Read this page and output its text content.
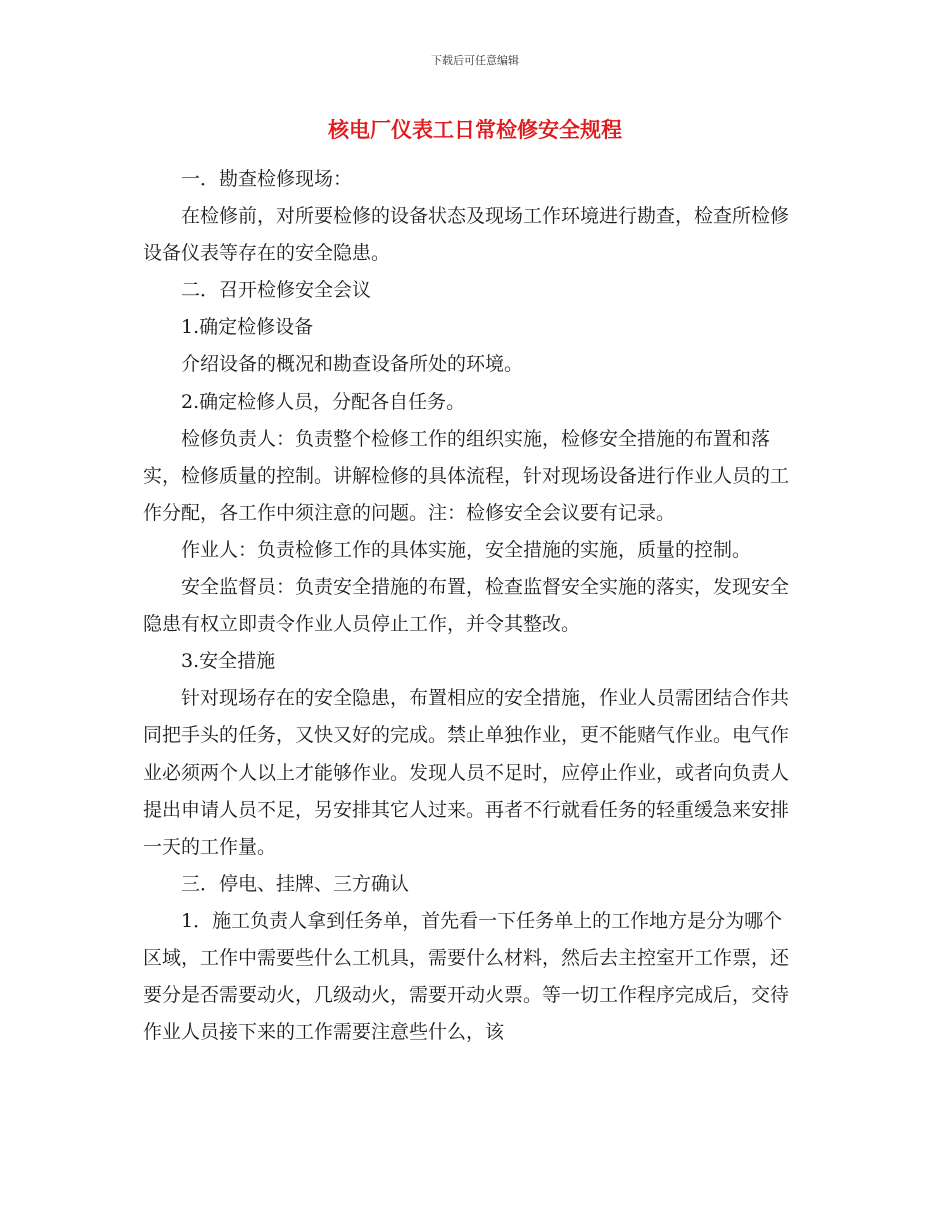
下载后可任意编辑
核电厂仪表工日常检修安全规程

一．勘查检修现场：

在检修前，对所要检修的设备状态及现场工作环境进行勘查，检查所检修设备仪表等存在的安全隐患。

二．召开检修安全会议

1.确定检修设备

介绍设备的概况和勘查设备所处的环境。

2.确定检修人员，分配各自任务。

检修负责人：负责整个检修工作的组织实施，检修安全措施的布置和落实，检修质量的控制。讲解检修的具体流程，针对现场设备进行作业人员的工作分配，各工作中须注意的问题。注：检修安全会议要有记录。

作业人：负责检修工作的具体实施，安全措施的实施，质量的控制。

安全监督员：负责安全措施的布置，检查监督安全实施的落实，发现安全隐患有权立即责令作业人员停止工作，并令其整改。

3.安全措施

针对现场存在的安全隐患，布置相应的安全措施，作业人员需团结合作共同把手头的任务，又快又好的完成。禁止单独作业，更不能赌气作业。电气作业必须两个人以上才能够作业。发现人员不足时，应停止作业，或者向负责人提出申请人员不足，另安排其它人过来。再者不行就看任务的轻重缓急来安排一天的工作量。

三．停电、挂牌、三方确认

1．施工负责人拿到任务单，首先看一下任务单上的工作地方是分为哪个区域，工作中需要些什么工机具，需要什么材料，然后去主控室开工作票，还要分是否需要动火，几级动火，需要开动火票。等一切工作程序完成后，交待作业人员接下来的工作需要注意些什么，该
